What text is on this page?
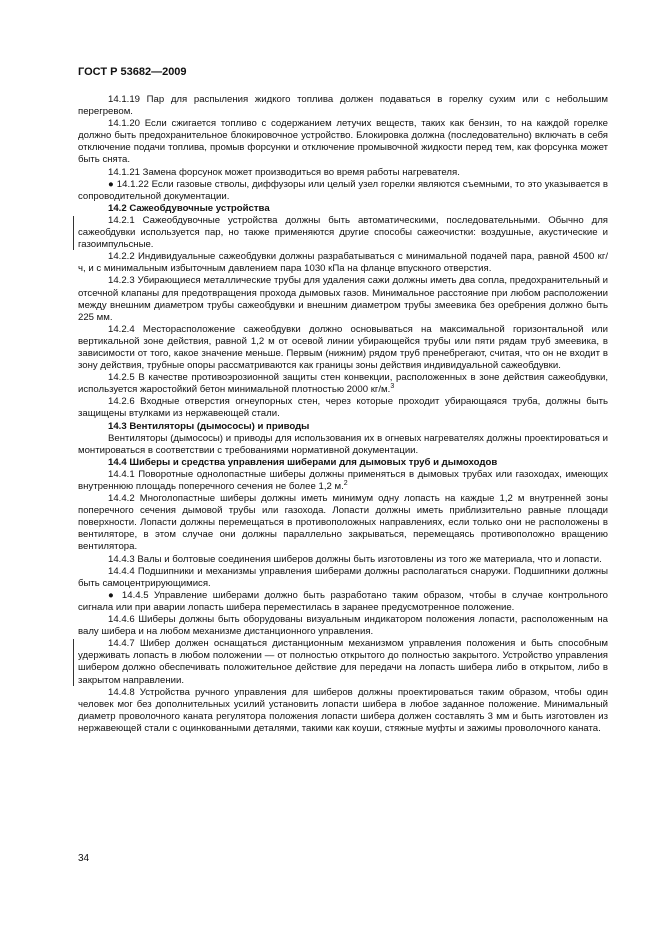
ГОСТ Р 53682—2009

14.1.19 Пар для распыления жидкого топлива должен подаваться в горелку сухим или с небольшим перегревом.

14.1.20 Если сжигается топливо с содержанием летучих веществ, таких как бензин, то на каждой горелке должно быть предохранительное блокировочное устройство. Блокировка должна (последовательно) включать в себя отключение подачи топлива, промыв форсунки и отключение промывочной жидкости перед тем, как форсунка может быть снята.

14.1.21 Замена форсунок может производиться во время работы нагревателя.

● 14.1.22 Если газовые стволы, диффузоры или целый узел горелки являются съемными, то это указывается в сопроводительной документации.

14.2 Сажеобдувочные устройства

14.2.1 Сажеобдувочные устройства должны быть автоматическими, последовательными. Обычно для сажеобдувки используется пар, но также применяются другие способы сажеочистки: воздушные, акустические и газоимпульсные.

14.2.2 Индивидуальные сажеобдувки должны разрабатываться с минимальной подачей пара, равной 4500 кг/ч, и с минимальным избыточным давлением пара 1030 кПа на фланце впускного отверстия.

14.2.3 Убирающиеся металлические трубы для удаления сажи должны иметь два сопла, предохранительный и отсечной клапаны для предотвращения прохода дымовых газов. Минимальное расстояние при любом расположении между внешним диаметром трубы сажеобдувки и внешним диаметром трубы змеевика без оребрения должно быть 225 мм.

14.2.4 Месторасположение сажеобдувки должно основываться на максимальной горизонтальной или вертикальной зоне действия, равной 1,2 м от осевой линии убирающейся трубы или пяти рядам труб змеевика, в зависимости от того, какое значение меньше. Первым (нижним) рядом труб пренебрегают, считая, что он не входит в зону действия, трубные опоры рассматриваются как границы зоны действия индивидуальной сажеобдувки.

14.2.5 В качестве противоэрозионной защиты стен конвекции, расположенных в зоне действия сажеобдувки, используется жаростойкий бетон минимальной плотностью 2000 кг/м.$^3$

14.2.6 Входные отверстия огнеупорных стен, через которые проходит убирающаяся труба, должны быть защищены втулками из нержавеющей стали.

14.3 Вентиляторы (дымососы) и приводы

Вентиляторы (дымососы) и приводы для использования их в огневых нагревателях должны проектироваться и монтироваться в соответствии с требованиями нормативной документации.

14.4 Шиберы и средства управления шиберами для дымовых труб и дымоходов

14.4.1 Поворотные однолопастные шиберы должны применяться в дымовых трубах или газоходах, имеющих внутреннюю площадь поперечного сечения не более 1,2 м.$^2$

14.4.2 Многолопастные шиберы должны иметь минимум одну лопасть на каждые 1,2 м внутренней зоны поперечного сечения дымовой трубы или газохода. Лопасти должны иметь приблизительно равные площади поверхности. Лопасти должны перемещаться в противоположных направлениях, если только они не расположены в вентиляторе, в этом случае они должны параллельно закрываться, перемещаясь противоположно вращению вентилятора.

14.4.3 Валы и болтовые соединения шиберов должны быть изготовлены из того же материала, что и лопасти.

14.4.4 Подшипники и механизмы управления шиберами должны располагаться снаружи. Подшипники должны быть самоцентрирующимися.

● 14.4.5 Управление шиберами должно быть разработано таким образом, чтобы в случае контрольного сигнала или при аварии лопасть шибера переместилась в заранее предусмотренное положение.

14.4.6 Шиберы должны быть оборудованы визуальным индикатором положения лопасти, расположенным на валу шибера и на любом механизме дистанционного управления.

14.4.7 Шибер должен оснащаться дистанционным механизмом управления положения и быть способным удерживать лопасть в любом положении — от полностью открытого до полностью закрытого. Устройство управления шибером должно обеспечивать положительное действие для передачи на лопасть шибера либо в открытом, либо в закрытом направлении.

14.4.8 Устройства ручного управления для шиберов должны проектироваться таким образом, чтобы один человек мог без дополнительных усилий установить лопасти шибера в любое заданное положение. Минимальный диаметр проволочного каната регулятора положения лопасти шибера должен составлять 3 мм и быть изготовлен из нержавеющей стали с оцинкованными деталями, такими как коуши, стяжные муфты и зажимы проволочного каната.

34
